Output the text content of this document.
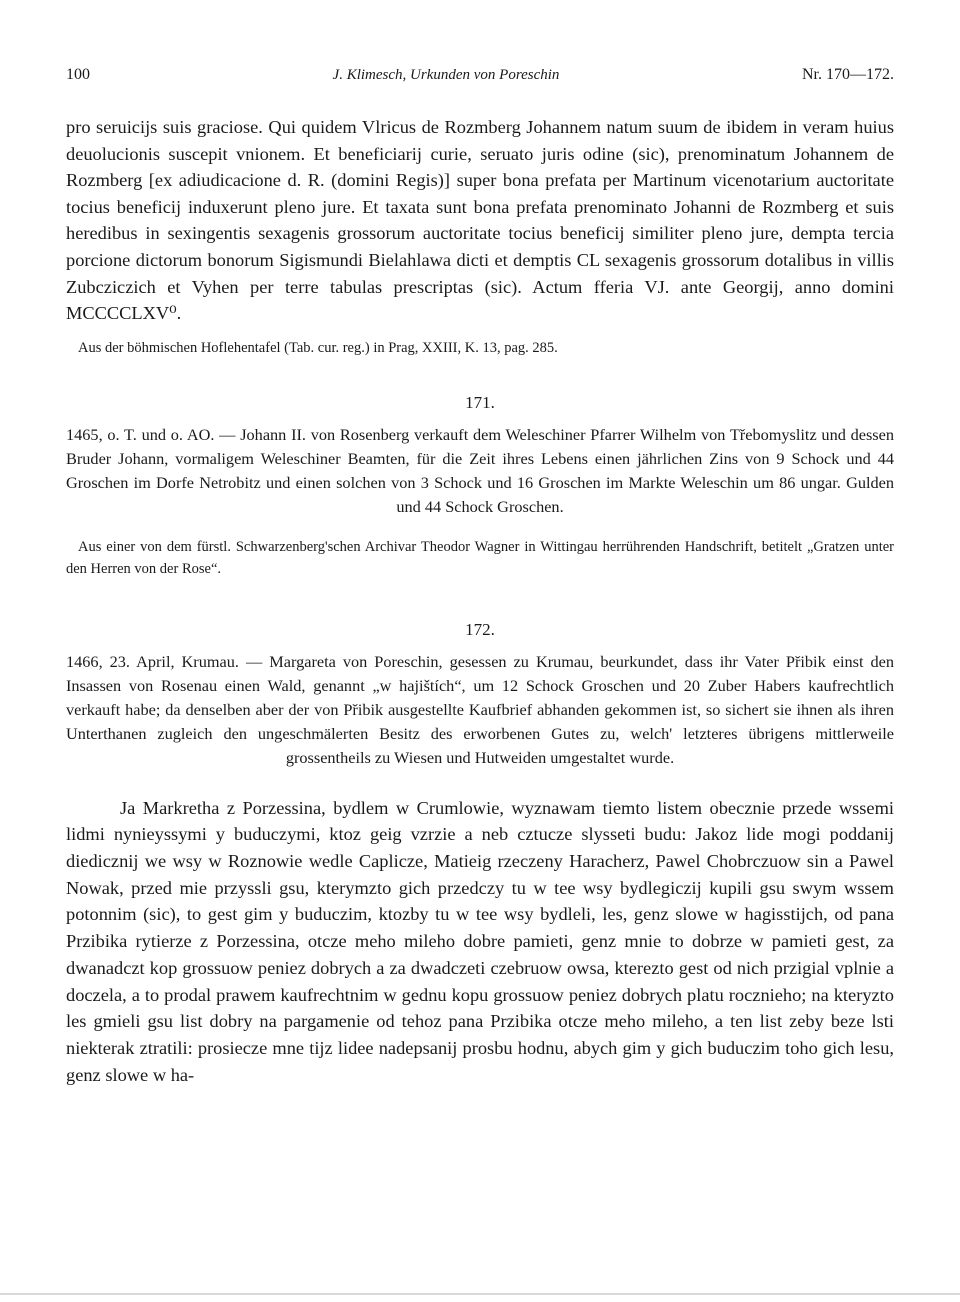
100	J. Klimesch, Urkunden von Poreschin	Nr. 170—172.

pro seruicijs suis graciose. Qui quidem Vlricus de Rozmberg Johannem natum suum de ibidem in veram huius deuolucionis suscepit vnionem. Et beneficiarij curie, seruato juris odine (sic), prenominatum Johannem de Rozmberg [ex adiudicacione d. R. (domini Regis)] super bona prefata per Martinum vicenotarium auctoritate tocius beneficij induxerunt pleno jure. Et taxata sunt bona prefata prenominato Johanni de Rozmberg et suis heredibus in sexingentis sexagenis grossorum auctoritate tocius beneficij similiter pleno jure, dempta tercia porcione dictorum bonorum Sigismundi Bielahlawa dicti et demptis CL sexagenis grossorum dotalibus in villis Zubcziczich et Vyhen per terre tabulas prescriptas (sic). Actum fferia VJ. ante Georgij, anno domini MCCCCLXV⁰.

Aus der böhmischen Hoflehentafel (Tab. cur. reg.) in Prag, XXIII, K. 13, pag. 285.

171.

1465, o. T. und o. AO. — Johann II. von Rosenberg verkauft dem Weleschiner Pfarrer Wilhelm von Třebomyslitz und dessen Bruder Johann, vormaligem Weleschiner Beamten, für die Zeit ihres Lebens einen jährlichen Zins von 9 Schock und 44 Groschen im Dorfe Netrobitz und einen solchen von 3 Schock und 16 Groschen im Markte Weleschin um 86 ungar. Gulden und 44 Schock Groschen.

Aus einer von dem fürstl. Schwarzenberg'schen Archivar Theodor Wagner in Wittingau herrührenden Handschrift, betitelt „Gratzen unter den Herren von der Rose“.

172.

1466, 23. April, Krumau. — Margareta von Poreschin, gesessen zu Krumau, beurkundet, dass ihr Vater Přibik einst den Insassen von Rosenau einen Wald, genannt „w hajištích“, um 12 Schock Groschen und 20 Zuber Habers kaufrechtlich verkauft habe; da denselben aber der von Přibik ausgestellte Kaufbrief abhanden gekommen ist, so sichert sie ihnen als ihren Unterthanen zugleich den ungeschmälerten Besitz des erworbenen Gutes zu, welch' letzteres übrigens mittlerweile grossentheils zu Wiesen und Hutweiden umgestaltet wurde.

Ja Markretha z Porzessina, bydlem w Crumlowie, wyznawam tiemto listem obecznie przede wssemi lidmi nynieyssymi y buduczymi, ktoz geig vzrzie a neb cztucze slysseti budu: Jakoz lide mogi poddanij diedicznij we wsy w Roznowie wedle Caplicze, Matieig rzeczeny Haracherz, Pawel Chobrczuow sin a Pawel Nowak, przed mie przyssli gsu, kterymzto gich przedczy tu w tee wsy bydlegiczij kupili gsu swym wssem potonnim (sic), to gest gim y buduczim, ktozby tu w tee wsy bydleli, les, genz slowe w hagisstijch, od pana Przibika rytierze z Porzessina, otcze meho mileho dobre pamieti, genz mnie to dobrze w pamieti gest, za dwanadczt kop grossuow peniez dobrych a za dwadczeti czebruow owsa, kterezto gest od nich przigial vplnie a doczela, a to prodal prawem kaufrechtnim w gednu kopu grossuow peniez dobrych platu rocznieho; na kteryzto les gmieli gsu list dobry na pargamenie od tehoz pana Przibika otcze meho mileho, a ten list zeby beze lsti niekterak ztratili: prosiecze mne tijz lidee nadepsanij prosbu hodnu, abych gim y gich buduczim toho gich lesu, genz slowe w ha-
